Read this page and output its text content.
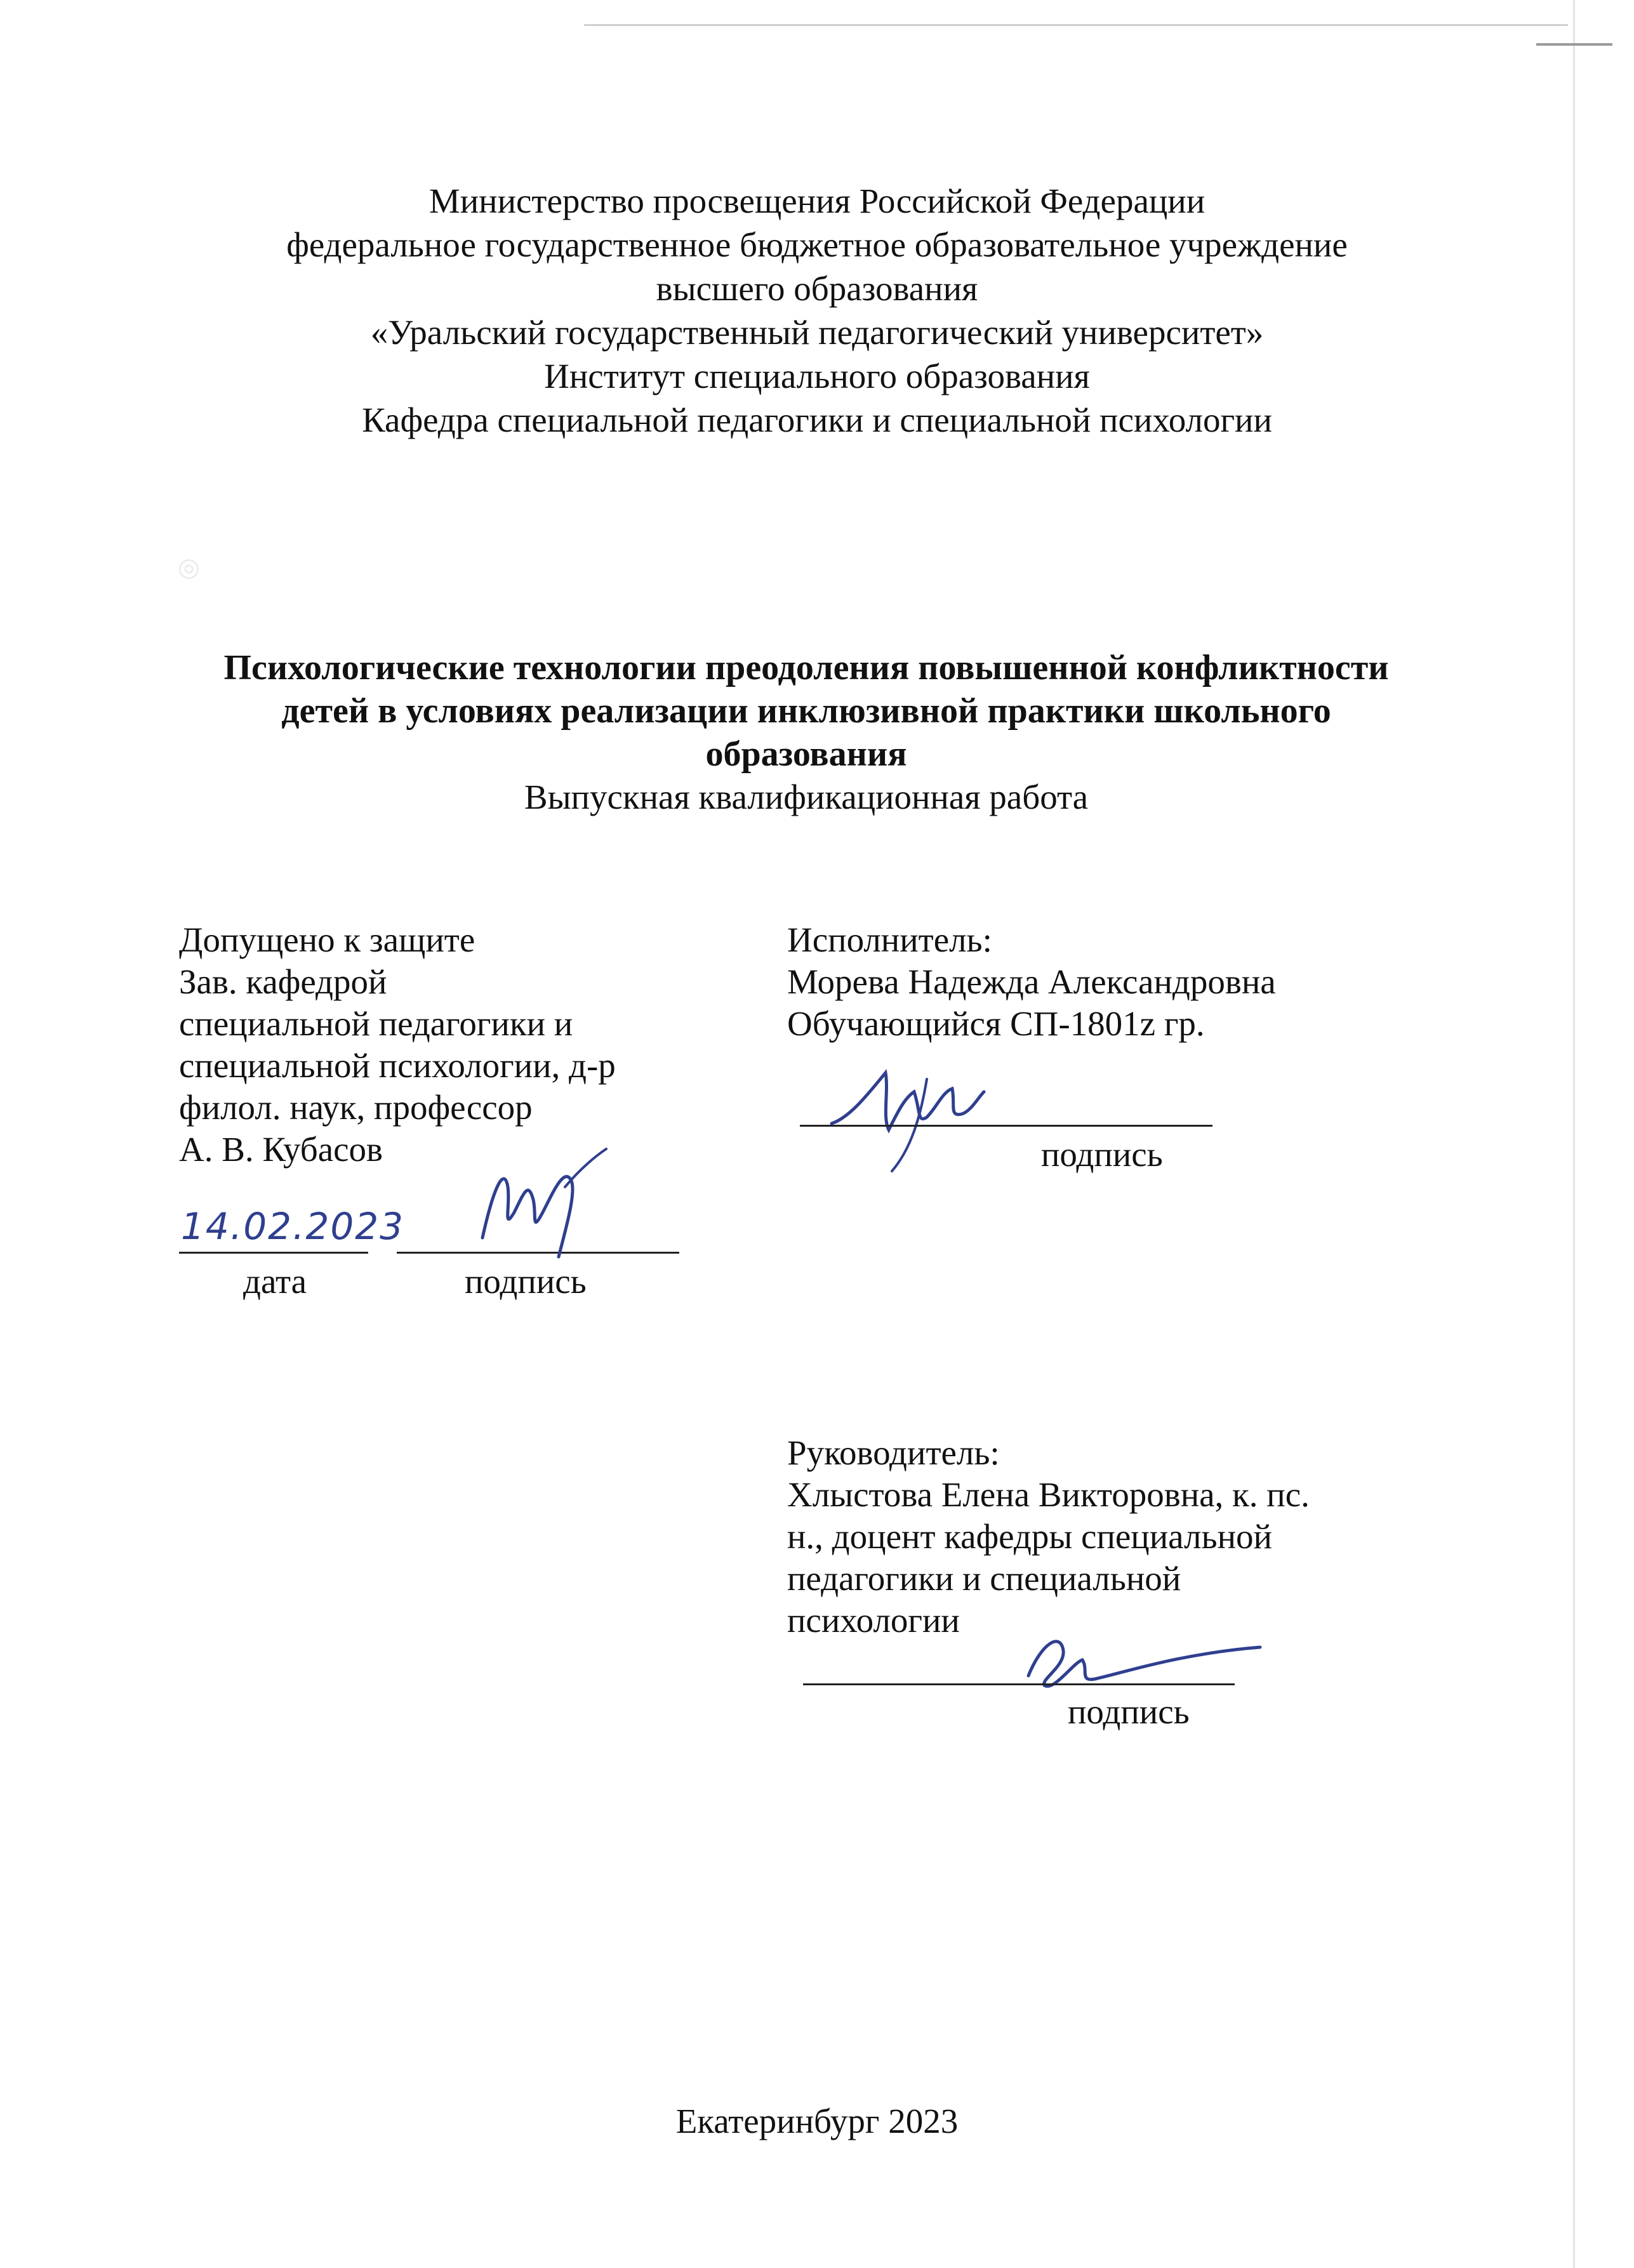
◎
Министерство просвещения Российской Федерации
федеральное государственное бюджетное образовательное учреждение
высшего образования
«Уральский государственный педагогический университет»
Институт специального образования
Кафедра специальной педагогики и специальной психологии
Психологические технологии преодоления повышенной конфликтности
детей в условиях реализации инклюзивной практики школьного
образования
Выпускная квалификационная работа
Допущено к защите
Зав. кафедрой
специальной педагогики и
специальной психологии, д-р
филол. наук, профессор
А. В. Кубасов
14.02.2023
дата	подпись
Исполнитель:
Морева Надежда Александровна
Обучающийся СП-1801z гр.
подпись
Руководитель:
Хлыстова Елена Викторовна, к. пс.
н., доцент кафедры специальной
педагогики и специальной
психологии
подпись
Екатеринбург 2023
